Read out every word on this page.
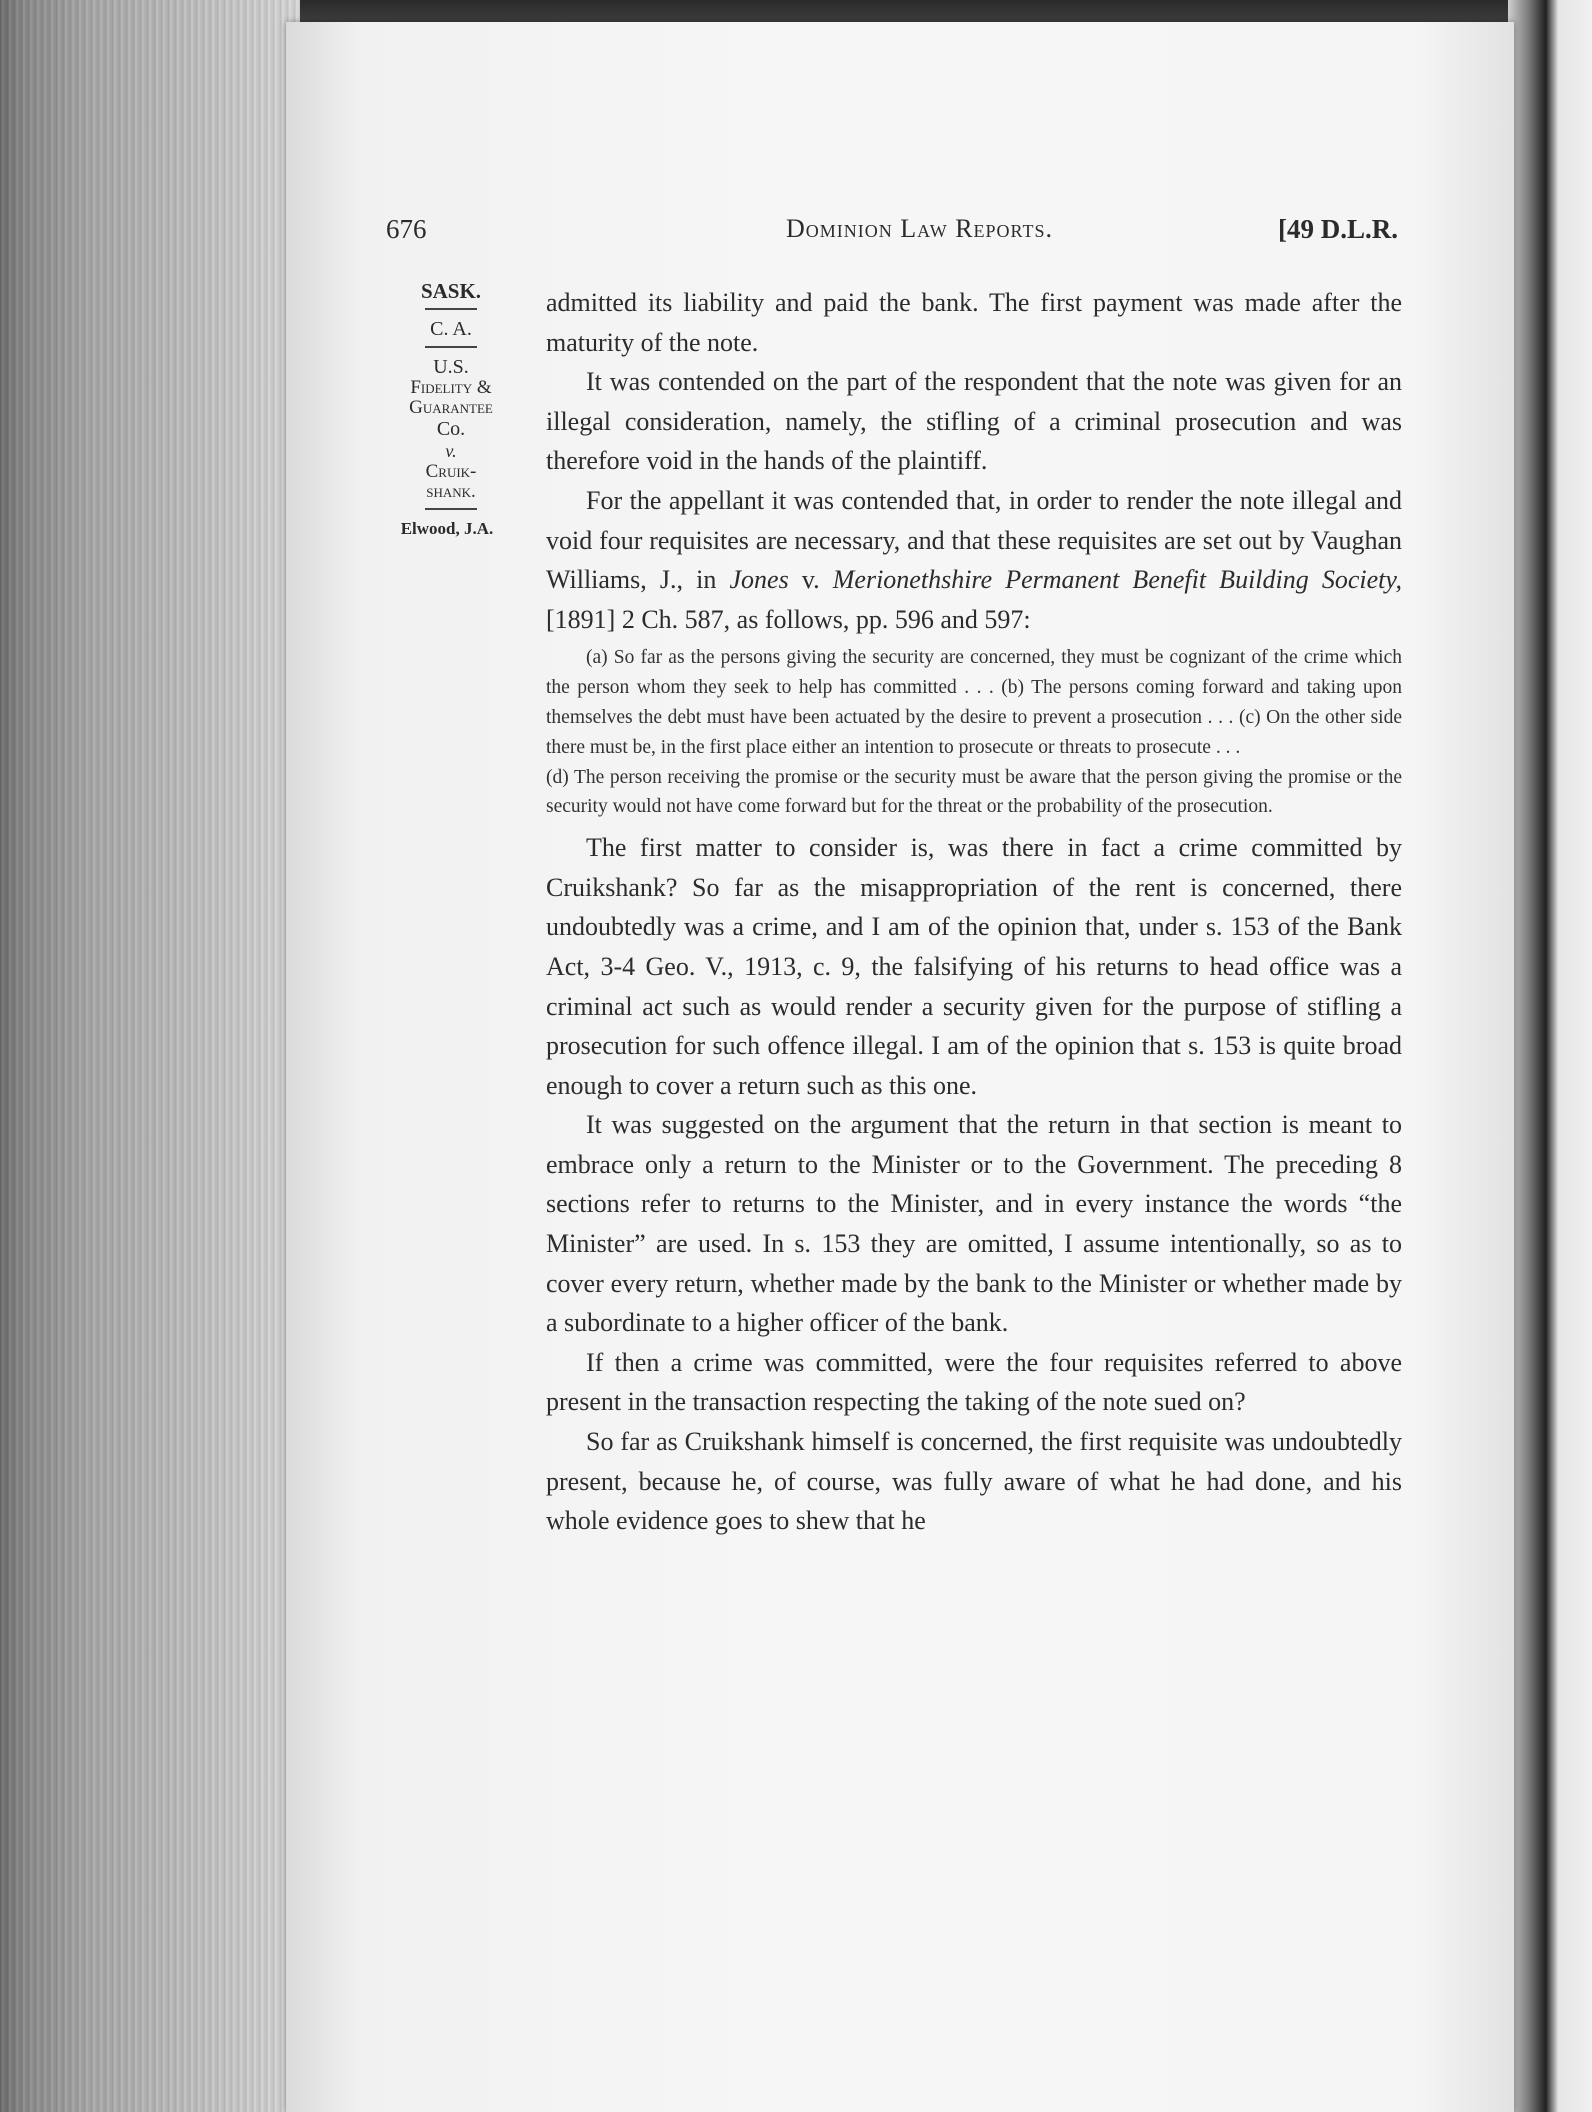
676	Dominion Law Reports.	[49 D.L.R.
SASK.
C. A.
U.S.
Fidelity &
Guarantee
Co.
v.
Cruik-
shank.
Elwood, J.A.

admitted its liability and paid the bank. The first payment was made after the maturity of the note.

It was contended on the part of the respondent that the note was given for an illegal consideration, namely, the stifling of a criminal prosecution and was therefore void in the hands of the plaintiff.

For the appellant it was contended that, in order to render the note illegal and void four requisites are necessary, and that these requisites are set out by Vaughan Williams, J., in Jones v. Merionethshire Permanent Benefit Building Society, [1891] 2 Ch. 587, as follows, pp. 596 and 597:

(a) So far as the persons giving the security are concerned, they must be cognizant of the crime which the person whom they seek to help has committed . . . (b) The persons coming forward and taking upon themselves the debt must have been actuated by the desire to prevent a prosecution . . . (c) On the other side there must be, in the first place either an intention to prosecute or threats to prosecute . . .

(d) The person receiving the promise or the security must be aware that the person giving the promise or the security would not have come forward but for the threat or the probability of the prosecution.

The first matter to consider is, was there in fact a crime committed by Cruikshank? So far as the misappropriation of the rent is concerned, there undoubtedly was a crime, and I am of the opinion that, under s. 153 of the Bank Act, 3-4 Geo. V., 1913, c. 9, the falsifying of his returns to head office was a criminal act such as would render a security given for the purpose of stifling a prosecution for such offence illegal. I am of the opinion that s. 153 is quite broad enough to cover a return such as this one.

It was suggested on the argument that the return in that section is meant to embrace only a return to the Minister or to the Government. The preceding 8 sections refer to returns to the Minister, and in every instance the words “the Minister” are used. In s. 153 they are omitted, I assume intentionally, so as to cover every return, whether made by the bank to the Minister or whether made by a subordinate to a higher officer of the bank.

If then a crime was committed, were the four requisites referred to above present in the transaction respecting the taking of the note sued on?

So far as Cruikshank himself is concerned, the first requisite was undoubtedly present, because he, of course, was fully aware of what he had done, and his whole evidence goes to shew that he
